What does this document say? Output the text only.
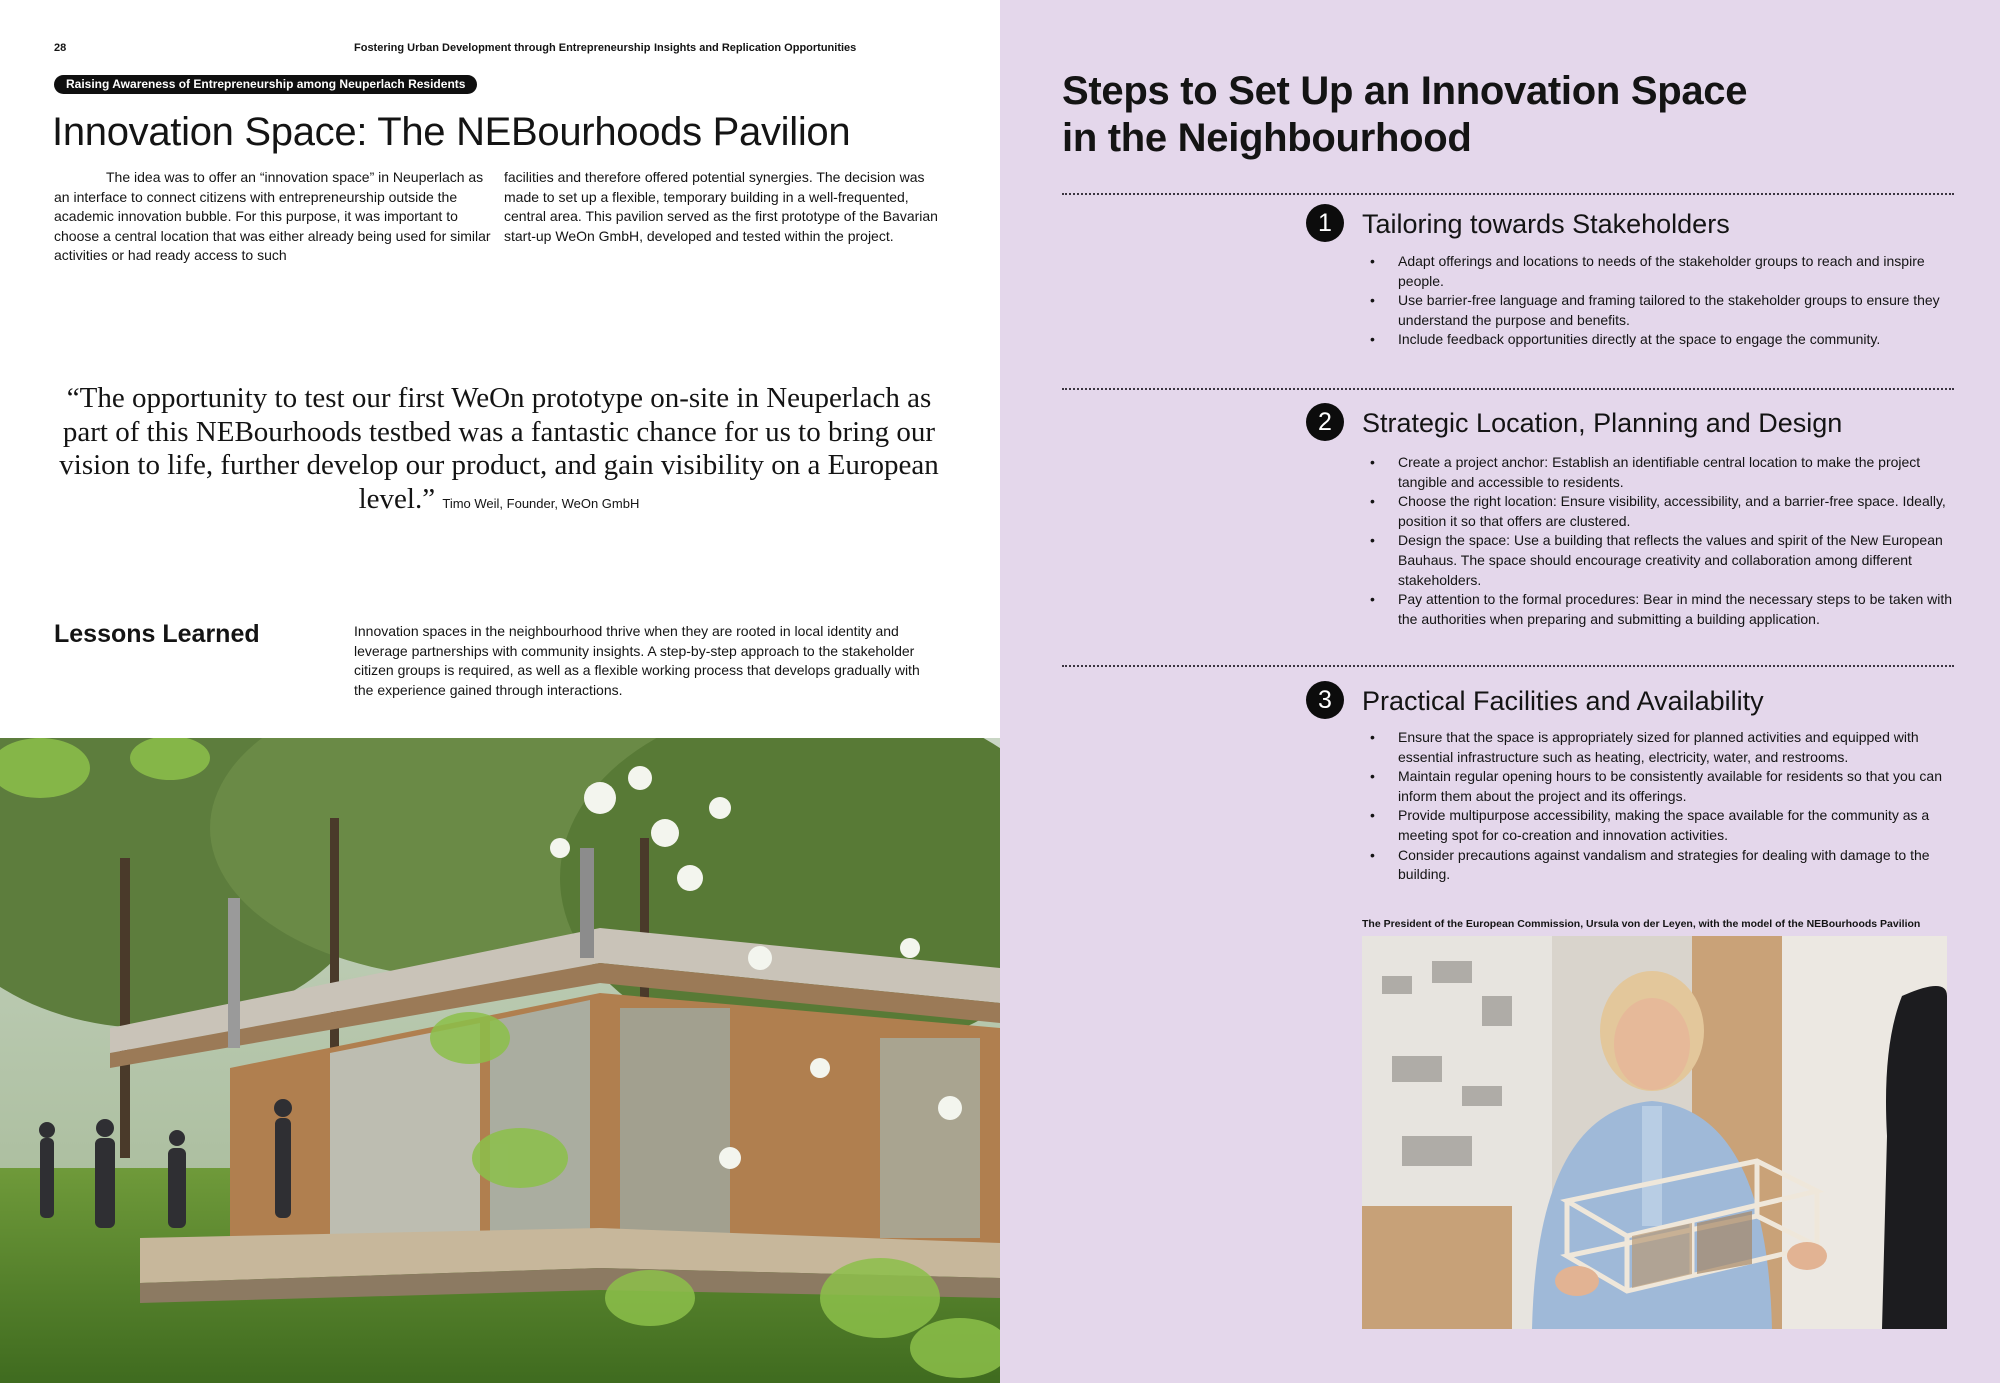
28	Fostering Urban Development through Entrepreneurship Insights and Replication Opportunities
Raising Awareness of Entrepreneurship among Neuperlach Residents
Innovation Space: The NEBourhoods Pavilion

The idea was to offer an “innovation space” in Neuperlach as an interface to connect citizens with entrepreneurship outside the academic innovation bubble. For this purpose, it was important to choose a central location that was either already being used for similar activities or had ready access to such

facilities and therefore offered potential synergies. The decision was made to set up a flexible, temporary building in a well-frequented, central area. This pavilion served as the first prototype of the Bavarian start-up WeOn GmbH, developed and tested within the project.

“The opportunity to test our first WeOn prototype on-site in Neuperlach as part of this NEBourhoods testbed was a fantastic chance for us to bring our vision to life, further develop our product, and gain visibility on a European level.” Timo Weil, Founder, WeOn GmbH
Lessons Learned	Innovation spaces in the neighbourhood thrive when they are rooted in local identity and leverage partnerships with community insights. A step-by-step approach to the stakeholder citizen groups is required, as well as a flexible working process that develops gradually with the experience gained through interactions.

Steps to Set Up an Innovation Space in the Neighbourhood
1	Tailoring towards Stakeholders
• Adapt offerings and locations to needs of the stakeholder groups to reach and inspire people.
• Use barrier-free language and framing tailored to the stakeholder groups to ensure they understand the purpose and benefits.
• Include feedback opportunities directly at the space to engage the community.
2	Strategic Location, Planning and Design
• Create a project anchor: Establish an identifiable central location to make the project tangible and accessible to residents.
• Choose the right location: Ensure visibility, accessibility, and a barrier-free space. Ideally, position it so that offers are clustered.
• Design the space: Use a building that reflects the values and spirit of the New European Bauhaus. The space should encourage creativity and collaboration among different stakeholders.
• Pay attention to the formal procedures: Bear in mind the necessary steps to be taken with the authorities when preparing and submitting a building application.
3	Practical Facilities and Availability
• Ensure that the space is appropriately sized for planned activities and equipped with essential infrastructure such as heating, electricity, water, and restrooms.
• Maintain regular opening hours to be consistently available for residents so that you can inform them about the project and its offerings.
• Provide multipurpose accessibility, making the space available for the community as a meeting spot for co-creation and innovation activities.
• Consider precautions against vandalism and strategies for dealing with damage to the building.
The President of the European Commission, Ursula von der Leyen, with the model of the NEBourhoods Pavilion
